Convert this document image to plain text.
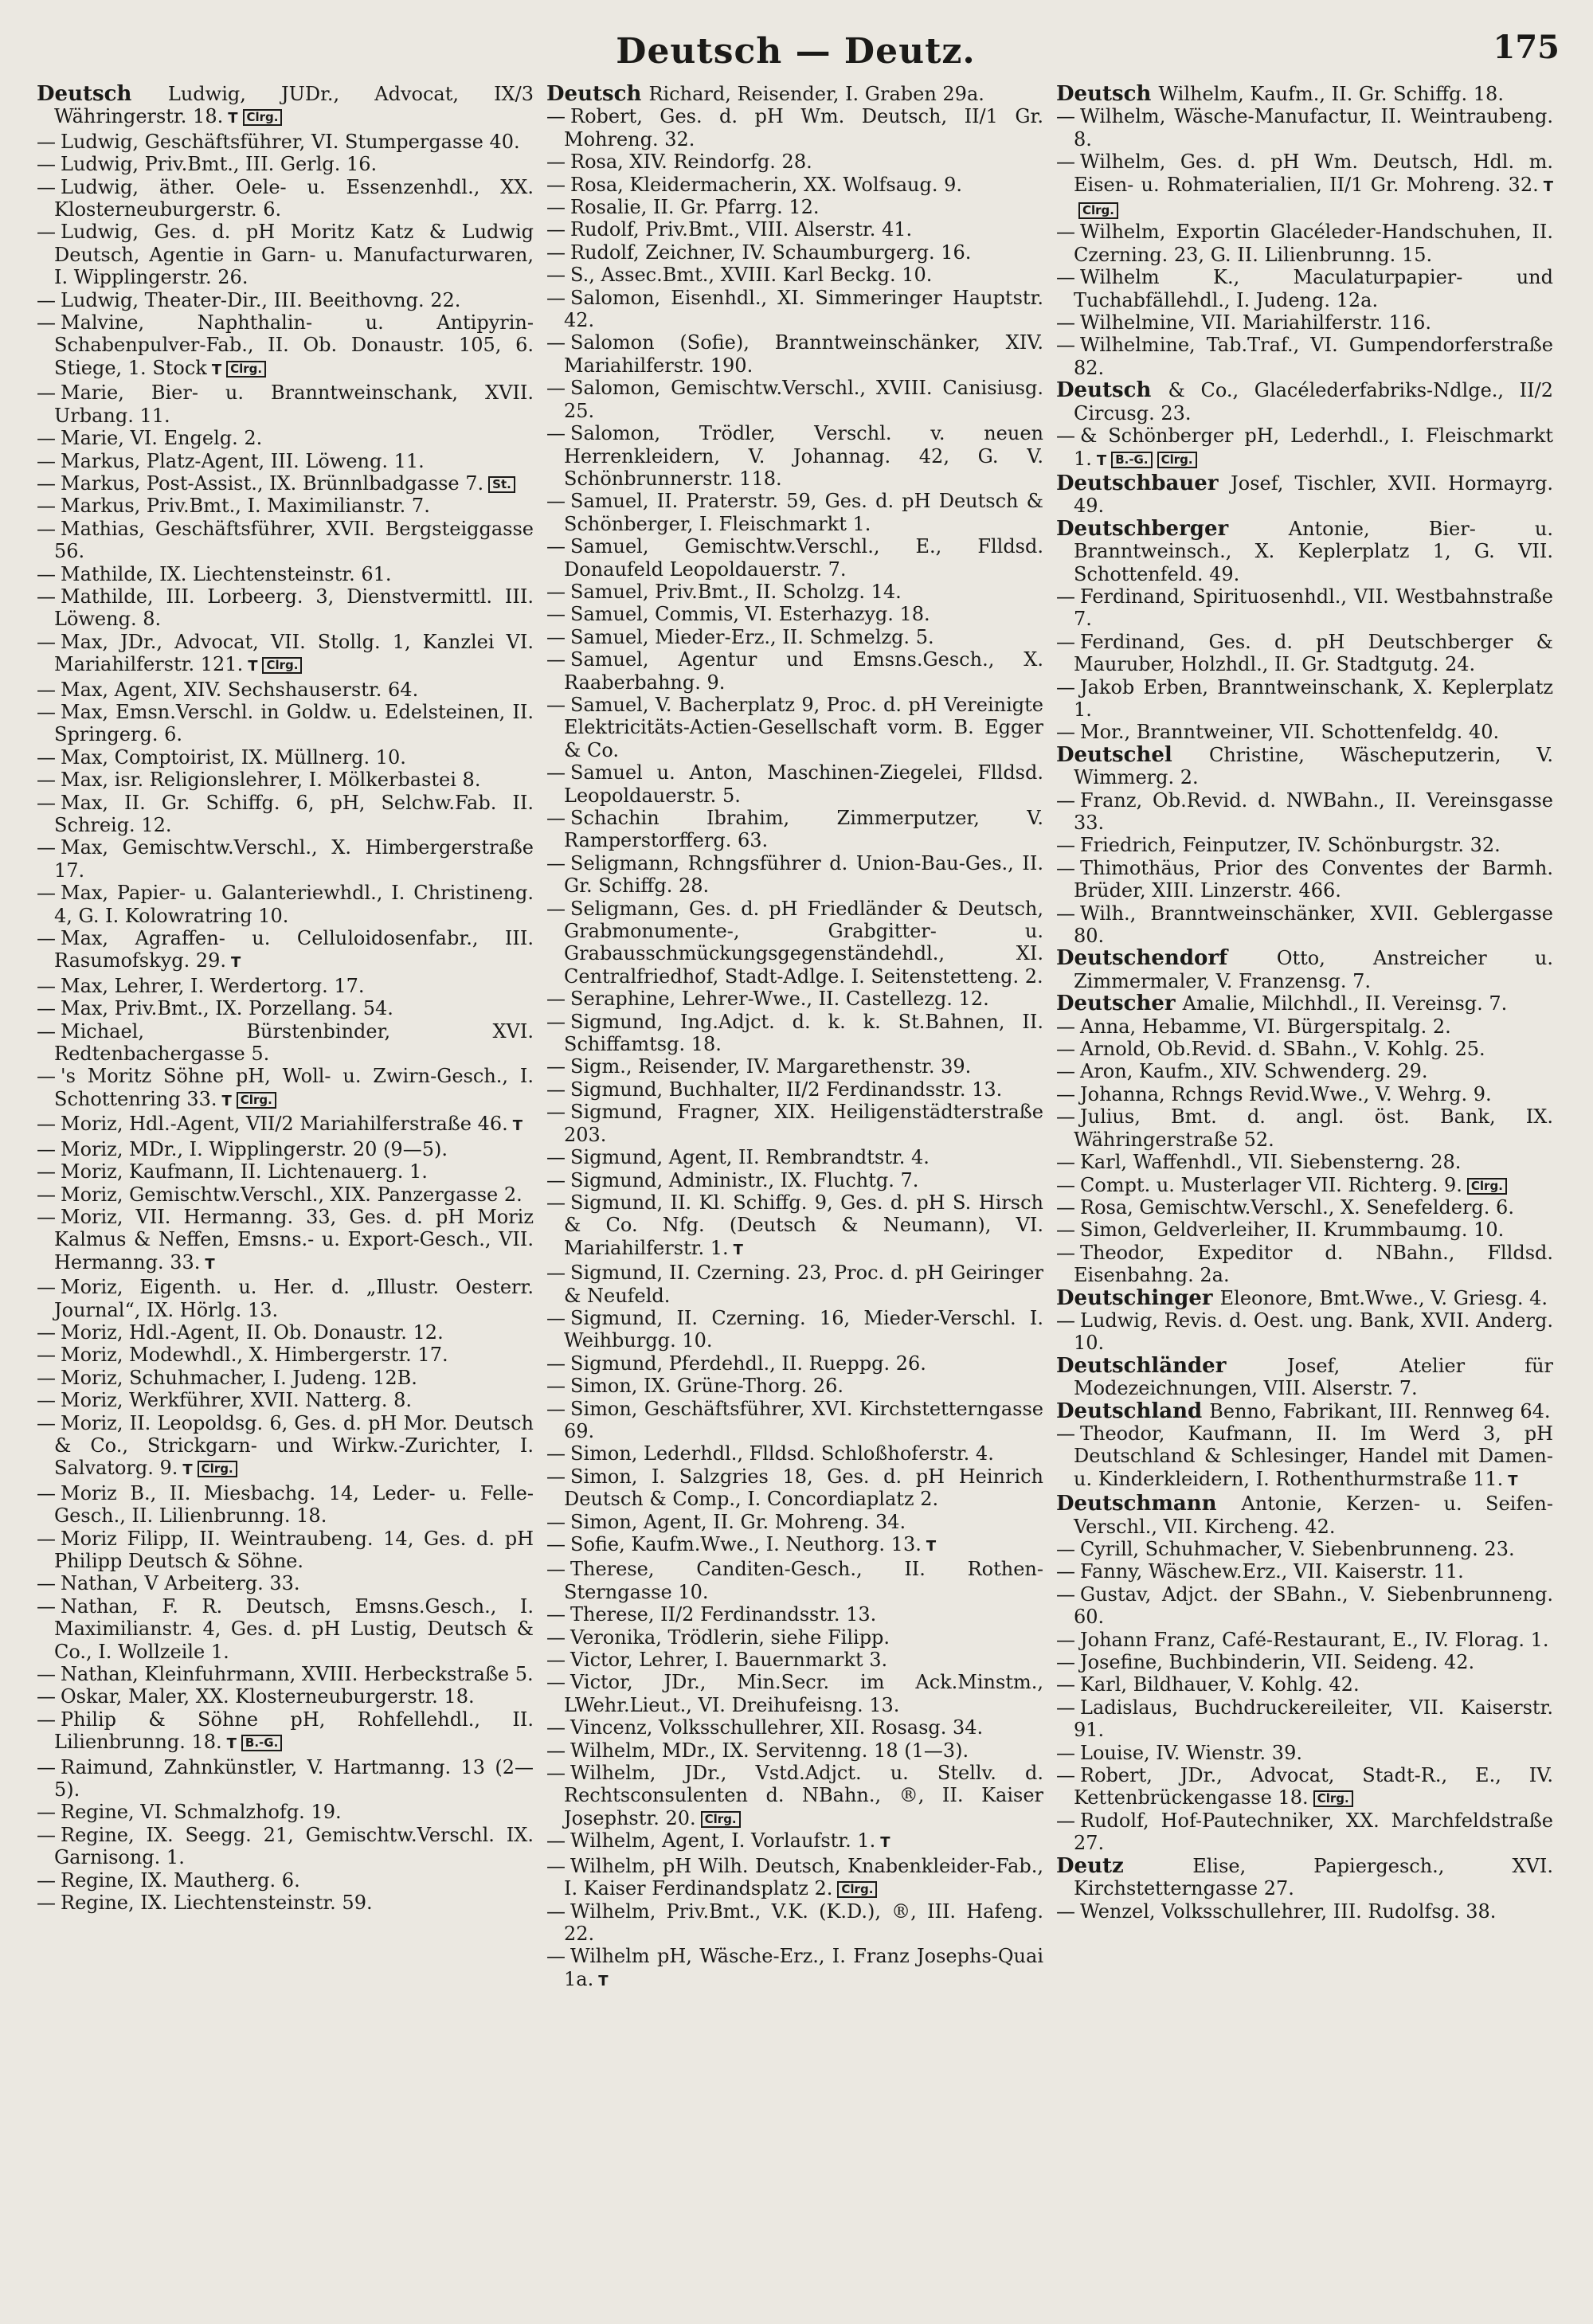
Deutsch — Deutz.	175
Deutsch Ludwig, JUDr., Advocat, IX/3 Währingerstr. 18. T Clrg.
— Ludwig, Geschäftsführer, VI. Stumpergasse 40.
— Ludwig, Priv.Bmt., III. Gerlg. 16.
— Ludwig, äther. Oele- u. Essenzenhdl., XX. Klosterneuburgerstr. 6.
— Ludwig, Ges. d. pH Moritz Katz & Ludwig Deutsch, Agentie in Garn- u. Manufacturwaren, I. Wipplingerstr. 26.
— Ludwig, Theater-Dir., III. Beeithovng. 22.
— Malvine, Naphthalin- u. Antipyrin-Schabenpulver-Fab., II. Ob. Donaustr. 105, 6. Stiege, 1. Stock T Clrg.
— Marie, Bier- u. Branntweinschank, XVII. Urbang. 11.
— Marie, VI. Engelg. 2.
— Markus, Platz-Agent, III. Löweng. 11.
— Markus, Post-Assist., IX. Brünnlbadgasse 7. St.
— Markus, Priv.Bmt., I. Maximilianstr. 7.
— Mathias, Geschäftsführer, XVII. Bergsteiggasse 56.
— Mathilde, IX. Liechtensteinstr. 61.
— Mathilde, III. Lorbeerg. 3, Dienstvermittl. III. Löweng. 8.
— Max, JDr., Advocat, VII. Stollg. 1, Kanzlei VI. Mariahilferstr. 121. T Clrg.
— Max, Agent, XIV. Sechshauserstr. 64.
— Max, Emsn.Verschl. in Goldw. u. Edelsteinen, II. Springerg. 6.
— Max, Comptoirist, IX. Müllnerg. 10.
— Max, isr. Religionslehrer, I. Mölkerbastei 8.
— Max, II. Gr. Schiffg. 6, pH, Selchw.Fab. II. Schreig. 12.
— Max, Gemischtw.Verschl., X. Himbergerstraße 17.
— Max, Papier- u. Galanteriewhdl., I. Christineng. 4, G. I. Kolowratring 10.
— Max, Agraffen- u. Celluloidosenfabr., III. Rasumofskyg. 29. T
— Max, Lehrer, I. Werdertorg. 17.
— Max, Priv.Bmt., IX. Porzellang. 54.
— Michael, Bürstenbinder, XVI. Redtenbachergasse 5.
— 's Moritz Söhne pH, Woll- u. Zwirn-Gesch., I. Schottenring 33. T Clrg.
— Moriz, Hdl.-Agent, VII/2 Mariahilferstraße 46. T
— Moriz, MDr., I. Wipplingerstr. 20 (9—5).
— Moriz, Kaufmann, II. Lichtenauerg. 1.
— Moriz, Gemischtw.Verschl., XIX. Panzergasse 2.
— Moriz, VII. Hermanng. 33, Ges. d. pH Moriz Kalmus & Neffen, Emsns.- u. Export-Gesch., VII. Hermanng. 33. T
— Moriz, Eigenth. u. Her. d. „Illustr. Oesterr. Journal“, IX. Hörlg. 13.
— Moriz, Hdl.-Agent, II. Ob. Donaustr. 12.
— Moriz, Modewhdl., X. Himbergerstr. 17.
— Moriz, Schuhmacher, I. Judeng. 12B.
— Moriz, Werkführer, XVII. Natterg. 8.
— Moriz, II. Leopoldsg. 6, Ges. d. pH Mor. Deutsch & Co., Strickgarn- und Wirkw.-Zurichter, I. Salvatorg. 9. T Clrg.
— Moriz B., II. Miesbachg. 14, Leder- u. Felle-Gesch., II. Lilienbrunng. 18.
— Moriz Filipp, II. Weintraubeng. 14, Ges. d. pH Philipp Deutsch & Söhne.
— Nathan, V Arbeiterg. 33.
— Nathan, F. R. Deutsch, Emsns.Gesch., I. Maximilianstr. 4, Ges. d. pH Lustig, Deutsch & Co., I. Wollzeile 1.
— Nathan, Kleinfuhrmann, XVIII. Herbeckstraße 5.
— Oskar, Maler, XX. Klosterneuburgerstr. 18.
— Philip & Söhne pH, Rohfellehdl., II. Lilienbrunng. 18. T B.-G.
— Raimund, Zahnkünstler, V. Hartmanng. 13 (2—5).
— Regine, VI. Schmalzhofg. 19.
— Regine, IX. Seegg. 21, Gemischtw.Verschl. IX. Garnisong. 1.
— Regine, IX. Mautherg. 6.
— Regine, IX. Liechtensteinstr. 59.
Deutsch Richard, Reisender, I. Graben 29a.
— Robert, Ges. d. pH Wm. Deutsch, II/1 Gr. Mohreng. 32.
— Rosa, XIV. Reindorfg. 28.
— Rosa, Kleidermacherin, XX. Wolfsaug. 9.
— Rosalie, II. Gr. Pfarrg. 12.
— Rudolf, Priv.Bmt., VIII. Alserstr. 41.
— Rudolf, Zeichner, IV. Schaumburgerg. 16.
— S., Assec.Bmt., XVIII. Karl Beckg. 10.
— Salomon, Eisenhdl., XI. Simmeringer Hauptstr. 42.
— Salomon (Sofie), Branntweinschänker, XIV. Mariahilferstr. 190.
— Salomon, Gemischtw.Verschl., XVIII. Canisiusg. 25.
— Salomon, Trödler, Verschl. v. neuen Herrenkleidern, V. Johannag. 42, G. V. Schönbrunnerstr. 118.
— Samuel, II. Praterstr. 59, Ges. d. pH Deutsch & Schönberger, I. Fleischmarkt 1.
— Samuel, Gemischtw.Verschl., E., Flldsd. Donaufeld Leopoldauerstr. 7.
— Samuel, Priv.Bmt., II. Scholzg. 14.
— Samuel, Commis, VI. Esterhazyg. 18.
— Samuel, Mieder-Erz., II. Schmelzg. 5.
— Samuel, Agentur und Emsns.Gesch., X. Raaberbahng. 9.
— Samuel, V. Bacherplatz 9, Proc. d. pH Vereinigte Elektricitäts-Actien-Gesellschaft vorm. B. Egger & Co.
— Samuel u. Anton, Maschinen-Ziegelei, Flldsd. Leopoldauerstr. 5.
— Schachin Ibrahim, Zimmerputzer, V. Ramperstorfferg. 63.
— Seligmann, Rchngsführer d. Union-Bau-Ges., II. Gr. Schiffg. 28.
— Seligmann, Ges. d. pH Friedländer & Deutsch, Grabmonumente-, Grabgitter- u. Grabausschmückungsgegenständehdl., XI. Centralfriedhof, Stadt-Adlge. I. Seitenstetteng. 2.
— Seraphine, Lehrer-Wwe., II. Castellezg. 12.
— Sigmund, Ing.Adjct. d. k. k. St.Bahnen, II. Schiffamtsg. 18.
— Sigm., Reisender, IV. Margarethenstr. 39.
— Sigmund, Buchhalter, II/2 Ferdinandsstr. 13.
— Sigmund, Fragner, XIX. Heiligenstädterstraße 203.
— Sigmund, Agent, II. Rembrandtstr. 4.
— Sigmund, Administr., IX. Fluchtg. 7.
— Sigmund, II. Kl. Schiffg. 9, Ges. d. pH S. Hirsch & Co. Nfg. (Deutsch & Neumann), VI. Mariahilferstr. 1. T
— Sigmund, II. Czerning. 23, Proc. d. pH Geiringer & Neufeld.
— Sigmund, II. Czerning. 16, Mieder-Verschl. I. Weihburgg. 10.
— Sigmund, Pferdehdl., II. Rueppg. 26.
— Simon, IX. Grüne-Thorg. 26.
— Simon, Geschäftsführer, XVI. Kirchstetterngasse 69.
— Simon, Lederhdl., Flldsd. Schloßhoferstr. 4.
— Simon, I. Salzgries 18, Ges. d. pH Heinrich Deutsch & Comp., I. Concordiaplatz 2.
— Simon, Agent, II. Gr. Mohreng. 34.
— Sofie, Kaufm.Wwe., I. Neuthorg. 13. T
— Therese, Canditen-Gesch., II. Rothen-Sterngasse 10.
— Therese, II/2 Ferdinandsstr. 13.
— Veronika, Trödlerin, siehe Filipp.
— Victor, Lehrer, I. Bauernmarkt 3.
— Victor, JDr., Min.Secr. im Ack.Minstm., LWehr.Lieut., VI. Dreihufeisng. 13.
— Vincenz, Volksschullehrer, XII. Rosasg. 34.
— Wilhelm, MDr., IX. Servitenng. 18 (1—3).
— Wilhelm, JDr., Vstd.Adjct. u. Stellv. d. Rechtsconsulenten d. NBahn., ®, II. Kaiser Josephstr. 20. Clrg.
— Wilhelm, Agent, I. Vorlaufstr. 1. T
— Wilhelm, pH Wilh. Deutsch, Knabenkleider-Fab., I. Kaiser Ferdinandsplatz 2. Clrg.
— Wilhelm, Priv.Bmt., V.K. (K.D.), ®, III. Hafeng. 22.
— Wilhelm pH, Wäsche-Erz., I. Franz Josephs-Quai 1a. T
Deutsch Wilhelm, Kaufm., II. Gr. Schiffg. 18.
— Wilhelm, Wäsche-Manufactur, II. Weintraubeng. 8.
— Wilhelm, Ges. d. pH Wm. Deutsch, Hdl. m. Eisen- u. Rohmaterialien, II/1 Gr. Mohreng. 32. TClrg.
— Wilhelm, Exportin Glacéleder-Handschuhen, II. Czerning. 23, G. II. Lilienbrunng. 15.
— Wilhelm K., Maculaturpapier- und Tuchabfällehdl., I. Judeng. 12a.
— Wilhelmine, VII. Mariahilferstr. 116.
— Wilhelmine, Tab.Traf., VI. Gumpendorferstraße 82.
Deutsch & Co., Glacélederfabriks-Ndlge., II/2 Circusg. 23.
— & Schönberger pH, Lederhdl., I. Fleischmarkt 1. T B.-G. Clrg.
Deutschbauer Josef, Tischler, XVII. Hormayrg. 49.
Deutschberger Antonie, Bier- u. Branntweinsch., X. Keplerplatz 1, G. VII. Schottenfeld. 49.
— Ferdinand, Spirituosenhdl., VII. Westbahnstraße 7.
— Ferdinand, Ges. d. pH Deutschberger & Mauruber, Holzhdl., II. Gr. Stadtgutg. 24.
— Jakob Erben, Branntweinschank, X. Keplerplatz 1.
— Mor., Branntweiner, VII. Schottenfeldg. 40.
Deutschel Christine, Wäscheputzerin, V. Wimmerg. 2.
— Franz, Ob.Revid. d. NWBahn., II. Vereinsgasse 33.
— Friedrich, Feinputzer, IV. Schönburgstr. 32.
— Thimothäus, Prior des Conventes der Barmh. Brüder, XIII. Linzerstr. 466.
— Wilh., Branntweinschänker, XVII. Geblergasse 80.
Deutschendorf Otto, Anstreicher u. Zimmermaler, V. Franzensg. 7.
Deutscher Amalie, Milchhdl., II. Vereinsg. 7.
— Anna, Hebamme, VI. Bürgerspitalg. 2.
— Arnold, Ob.Revid. d. SBahn., V. Kohlg. 25.
— Aron, Kaufm., XIV. Schwenderg. 29.
— Johanna, Rchngs Revid.Wwe., V. Wehrg. 9.
— Julius, Bmt. d. angl. öst. Bank, IX. Währingerstraße 52.
— Karl, Waffenhdl., VII. Siebensterng. 28.
— Compt. u. Musterlager VII. Richterg. 9. Clrg.
— Rosa, Gemischtw.Verschl., X. Senefelderg. 6.
— Simon, Geldverleiher, II. Krummbaumg. 10.
— Theodor, Expeditor d. NBahn., Flldsd. Eisenbahng. 2a.
Deutschinger Eleonore, Bmt.Wwe., V. Griesg. 4.
— Ludwig, Revis. d. Oest. ung. Bank, XVII. Anderg. 10.
Deutschländer Josef, Atelier für Modezeichnungen, VIII. Alserstr. 7.
Deutschland Benno, Fabrikant, III. Rennweg 64.
— Theodor, Kaufmann, II. Im Werd 3, pH Deutschland & Schlesinger, Handel mit Damen- u. Kinderkleidern, I. Rothenthurmstraße 11. T
Deutschmann Antonie, Kerzen- u. Seifen-Verschl., VII. Kircheng. 42.
— Cyrill, Schuhmacher, V. Siebenbrunneng. 23.
— Fanny, Wäschew.Erz., VII. Kaiserstr. 11.
— Gustav, Adjct. der SBahn., V. Siebenbrunneng. 60.
— Johann Franz, Café-Restaurant, E., IV. Florag. 1.
— Josefine, Buchbinderin, VII. Seideng. 42.
— Karl, Bildhauer, V. Kohlg. 42.
— Ladislaus, Buchdruckereileiter, VII. Kaiserstr. 91.
— Louise, IV. Wienstr. 39.
— Robert, JDr., Advocat, Stadt-R., E., IV. Kettenbrückengasse 18. Clrg.
— Rudolf, Hof-Pautechniker, XX. Marchfeldstraße 27.
Deutz Elise, Papiergesch., XVI. Kirchstetterngasse 27.
— Wenzel, Volksschullehrer, III. Rudolfsg. 38.
